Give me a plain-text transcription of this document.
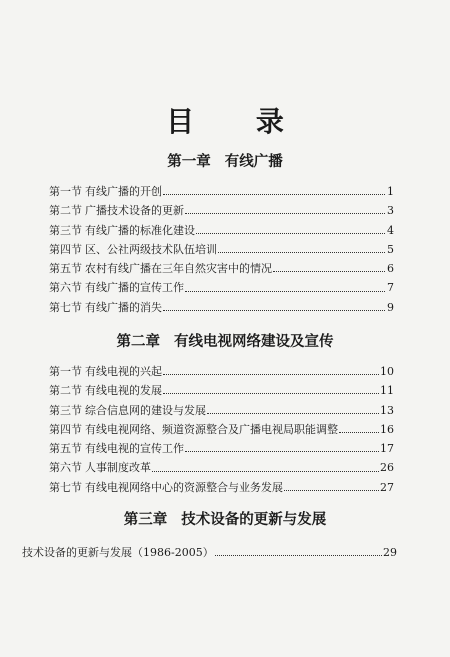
目 录
第一章 有线广播
第一节 有线广播的开创	1
第二节 广播技术设备的更新	3
第三节 有线广播的标准化建设	4
第四节 区、公社两级技术队伍培训	5
第五节 农村有线广播在三年自然灾害中的情况	6
第六节 有线广播的宣传工作	7
第七节 有线广播的消失	9
第二章 有线电视网络建设及宣传
第一节 有线电视的兴起	10
第二节 有线电视的发展	11
第三节 综合信息网的建设与发展	13
第四节 有线电视网络、频道资源整合及广播电视局职能调整	16
第五节 有线电视的宣传工作	17
第六节 人事制度改革	26
第七节 有线电视网络中心的资源整合与业务发展	27
第三章 技术设备的更新与发展
技术设备的更新与发展（1986-2005）	29
